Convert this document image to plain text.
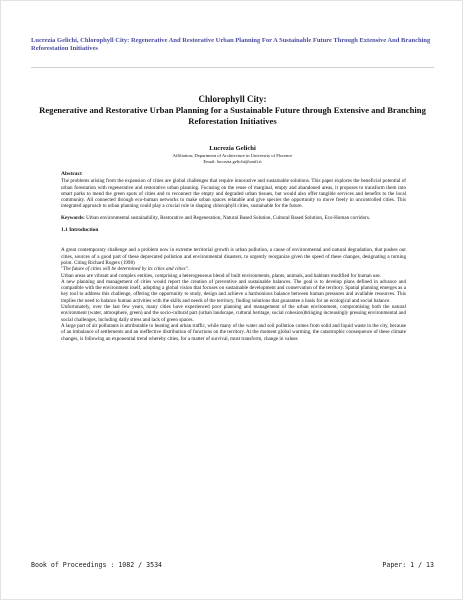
Lucrezia Gelichi, Chlorophyll City: Regenerative And Restorative Urban Planning For A Sustainable Future Through Extensive And Branching Reforestation Initiatives
Chlorophyll City:
Regenerative and Restorative Urban Planning for a Sustainable Future through Extensive and Branching Reforestation Initiatives
Lucrezia Gelichi
Affiliation; Department of Architecture in University of Florence
Email: lucrezia.gelichi@unifi.it
Abstract

The problems arising from the expansion of cities are global challenges that require innovative and sustainable solutions. This paper explores the beneficial potential of urban forestation with regenerative and restorative urban planning. Focusing on the reuse of marginal, empty and abandoned areas, it proposes to transform them into smart parks to mend the green spots of cities and to reconnect the empty and degraded urban tissues, but would also offer tangible services and benefits to the local community. All connected through eco-human networks to make urban spaces relatable and give species the opportunity to move freely in uncontrolled cities. This integrated approach to urban planning could play a crucial role in shaping chlorophyll cities, sustainable for the future.

Keywords: Urban environmental sustainability, Restorative and Regeneration, Natural Based Solution, Cultural Based Solution, Eco-Human corridors.

1.1 Introduction

A great contemporary challenge and a problem now in extreme territorial growth is urban pollution, a cause of environmental and natural degradation, that pushes our cities, sources of a good part of these deprecated pollution and environmental disasters, to urgently reorganize given the speed of these changes, designating a turning point. Citing Richard Rogers (1998)

"The future of cities will be determined by its cities and cities".

Urban areas are vibrant and complex entities, comprising a heterogeneous blend of built environments, plants, animals, and habitats modified for human use.

A new planning and management of cities would report the creation of preventive and sustainable balances. The goal is to develop plans defined in advance and compatible with the environment itself, adopting a global vision that focuses on sustainable development and conservation of the territory. Spatial planning emerges as a key tool to address this challenge, offering the opportunity to study, design and achieve a harmonious balance between human pressures and available resources. This implies the need to balance human activities with the skills and needs of the territory, finding solutions that guarantee a basis for an ecological and social balance.

Unfortunately, over the last few years, many cities have experienced poor planning and management of the urban environment, compromising both the natural environment (water, atmosphere, green) and the socio-cultural part (urban landscape, cultural heritage, social cohesion)bringing increasingly pressing environmental and social challenges, including daily stress and lack of green spaces.

A large part of air pollutants is attributable to heating and urban traffic, while many of the water and soil pollution comes from solid and liquid waste in the city, because of an imbalance of settlements and an ineffective distribution of functions on the territory. At the moment global warming, the catastrophic consequence of these climate changes, is following an exponential trend whereby cities, for a matter of survival, must transform, change in values

Book of Proceedings : 1082 / 3534	Paper: 1 / 13
